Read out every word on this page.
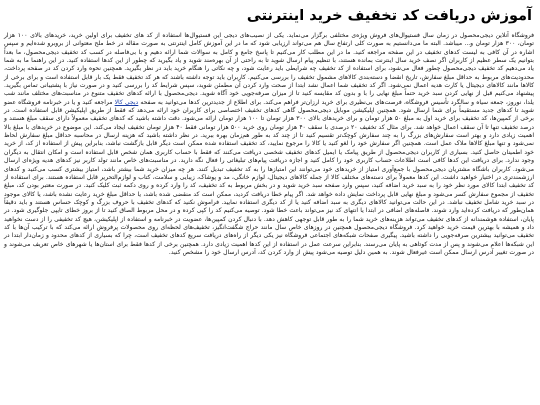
آموزش دریافت کد تخفیف خرید اینترنتی

فروشگاه آنلاین دیجی‌محصول در زمان سال فستیوال‌های فروش ویژه‌ی مختلفی برگزار می‌نماید. یکی از نصیب‌های دیجی این فستیوال‌ها استفاده از کد های تخفیف برای اولین خرید، خریدهای بالای ۱۰۰ هزار تومان، ۳۰۰ هزار تومان و... میباشد. البته ما می‌دانستیم به صورت کلی ارتفاع سال هم می‌تواند ارزیابی شود که ما در این آموزش کامل اینترنتی به صورت مقاله در خط ملح معتوانی از بروبرو شده‌ایم و سپس اشاره در آن کافی به لیست کدهای تخفیف در این صفحه مراجعه کنید. ما در این مطلب کار می‌کنیم تا پاسخ جامع و کامل به سوالات شما ارائه دهیم و با بی‌فاصله در کسب کد تخفیف دیجی‌محصول، ما بعداً بتوانیم یک سطر عظیم از کاربران اگر نصف خرید سال اینترنت بمانده هستند، با تنظیم پیام ارسال شوید تا به راحتی از آن بهره‌مند شوید و یاد بگیرید که چطور از این کدها استفاده کنید. در این راهنما ما به شما یاد می‌دهیم کد تخفیف دیجی‌محصول چطور فعال می‌شود، برای استفاده از کد تخفیف چه شرایطی باید رعایت شود، و چه نکاتی را هنگام خرید باید در نظر بگیرید. همچنین نحوه وارد کردن کد در صفحه پرداخت، محدودیت‌های مربوط به حداقل مبلغ سفارش، تاریخ انقضا و دسته‌بندی کالاهای مشمول تخفیف را بررسی می‌کنیم. کاربران باید توجه داشته باشند که هر کد تخفیف فقط یک بار قابل استفاده است و برای برخی از کالاها مانند کالاهای دیجیتال یا کارت هدیه اعمال نمی‌شود. اگر کد تخفیف شما اعمال نشد ابتدا از صحت وارد کردن آن مطمئن شوید، سپس شرایط کد را بررسی کنید و در صورت نیاز با پشتیبانی تماس بگیرید. پیشنهاد می‌کنیم قبل از نهایی کردن سبد خرید حتماً مبلغ نهایی را با و بدون کد مقایسه کنید تا از میزان صرفه‌جویی خود آگاه شوید. دیجی‌محصول با ارائه کدهای تخفیف متنوع در مناسبت‌های مختلف مانند شب یلدا، نوروز، جمعه سیاه و سالگرد تأسیس فروشگاه، فرصت‌های بی‌نظیری برای خرید ارزان‌تر فراهم می‌کند. برای اطلاع از جدیدترین کدها می‌توانید به صفحه دیجی کالا مراجعه کنید و یا در خبرنامه فروشگاه عضو شوید تا کدهای جدید مستقیماً برای شما ارسال شود. همچنین اپلیکیشن موبایل دیجی‌محصول گاهی کدهای تخفیف اختصاصی برای کاربران خود ارائه می‌دهد که فقط از طریق اپلیکیشن قابل استفاده است. در برخی از کمپین‌ها، کد تخفیف برای خرید اول به مبلغ ۵۰ هزار تومان و برای خریدهای بالای ۳۰۰ هزار تومان تا ۱۰۰ هزار تومان ارائه می‌شود. دقت داشته باشید که کدهای تخفیف معمولاً دارای سقف مبلغ هستند و درصد تخفیف تنها تا آن سقف اعمال خواهد شد. برای مثال کد تخفیف ۲۰ درصدی با سقف ۴۰ هزار تومان روی خرید ۵۰۰ هزار تومانی فقط ۴۰ هزار تومان تخفیف ایجاد می‌کند. این موضوع در خریدهای با مبلغ بالا اهمیت زیادی دارد و بهتر است سفارش‌های بزرگ را به چند سفارش کوچک‌تر تقسیم کنید تا از چند کد به طور هم‌زمان بهره ببرید. در نظر داشته باشید که هزینه ارسال در محاسبه حداقل مبلغ سفارش لحاظ نمی‌شود و تنها مبلغ کالاها ملاک عمل است. همچنین اگر سفارش خود را لغو کنید یا کالا را مرجوع نمایید، کد تخفیف استفاده شده ممکن است دیگر قابل بازگشت نباشد، بنابراین پیش از استفاده از کد، از خرید خود اطمینان حاصل کنید. بسیاری از کاربران دیجی‌محصول از طریق پیامک یا ایمیل کدهای تخفیف شخصی دریافت می‌کنند که فقط با حساب کاربری همان شخص قابل استفاده است و امکان انتقال به دیگران وجود ندارد. برای دریافت این کدها کافی است اطلاعات حساب کاربری خود را کامل کنید و اجازه دریافت پیام‌های تبلیغاتی را فعال نگه دارید. در مناسبت‌های خاص مانند تولد کاربر نیز کدهای هدیه ویژه‌ای ارسال می‌شود. کاربران باشگاه مشتریان دیجی‌محصول با جمع‌آوری امتیاز از خریدهای خود می‌توانند این امتیازها را به کد تخفیف تبدیل کنند. هر چه میزان خرید شما بیشتر باشد، امتیاز بیشتری کسب می‌کنید و کدهای ارزشمندتری در اختیار خواهید داشت. این کدها معمولاً برای دسته‌های مختلف کالا از جمله کالاهای دیجیتال، لوازم خانگی، مد و پوشاک، زیبایی و سلامت، کتاب و لوازم‌التحریر قابل استفاده هستند. برای استفاده از کد تخفیف ابتدا کالای مورد نظر خود را به سبد خرید اضافه کنید، سپس وارد صفحه سبد خرید شوید و در بخش مربوط به کد تخفیف، کد را وارد کرده و روی دکمه ثبت کلیک کنید. در صورت معتبر بودن کد، مبلغ تخفیف از مجموع سفارش کسر می‌شود و مبلغ نهایی قابل پرداخت نمایش داده خواهد شد. اگر پیام خطا دریافت کردید، ممکن است کد منقضی شده باشد، یا حداقل مبلغ خرید رعایت نشده باشد، یا کالای موجود در سبد خرید شامل تخفیف نباشد. در این حالت می‌توانید کالاهای دیگری به سبد اضافه کنید یا از کد دیگری استفاده نمایید. فراموش نکنید که کدهای تخفیف با حروف بزرگ و کوچک حساس هستند و باید دقیقاً همان‌طور که دریافت کرده‌اید وارد شوند. فاصله‌های اضافی در ابتدا یا انتهای کد نیز می‌تواند باعث خطا شود. توصیه می‌کنیم کد را کپی کرده و در محل مربوط الصاق کنید تا از بروز خطای تایپی جلوگیری شود. در پایان، استفاده هوشمندانه از کدهای تخفیف می‌تواند هزینه‌های خرید شما را به طور قابل توجهی کاهش دهد. با دنبال کردن کمپین‌ها، عضویت در خبرنامه و استفاده از اپلیکیشن، هیچ کد تخفیفی را از دست نخواهید داد و همیشه با بهترین قیمت خرید خواهید کرد. فروشگاه دیجی‌محصول همچنین در روزهای خاص سال مانند حراج شگفت‌انگیز، تخفیف‌های لحظه‌ای روی محصولات پرفروش ارائه می‌کند که با ترکیب آن‌ها با کد تخفیف می‌توانید بیشترین صرفه‌جویی را داشته باشید. پیگیری صفحات شبکه‌های اجتماعی فروشگاه نیز یکی دیگر از راه‌های دریافت سریع کدهای تخفیف است، چرا که بسیاری از کدهای محدود و زمان‌دار ابتدا در این شبکه‌ها اعلام می‌شوند و پس از مدت کوتاهی به پایان می‌رسند. بنابراین سرعت عمل در استفاده از این کدها اهمیت زیادی دارد. همچنین برخی از کدها فقط برای استان‌ها یا شهرهای خاص تعریف می‌شوند و در صورت تغییر آدرس ارسال ممکن است غیرفعال شوند. به همین دلیل توصیه می‌شود پیش از وارد کردن کد، آدرس ارسال خود را مشخص کنید.
